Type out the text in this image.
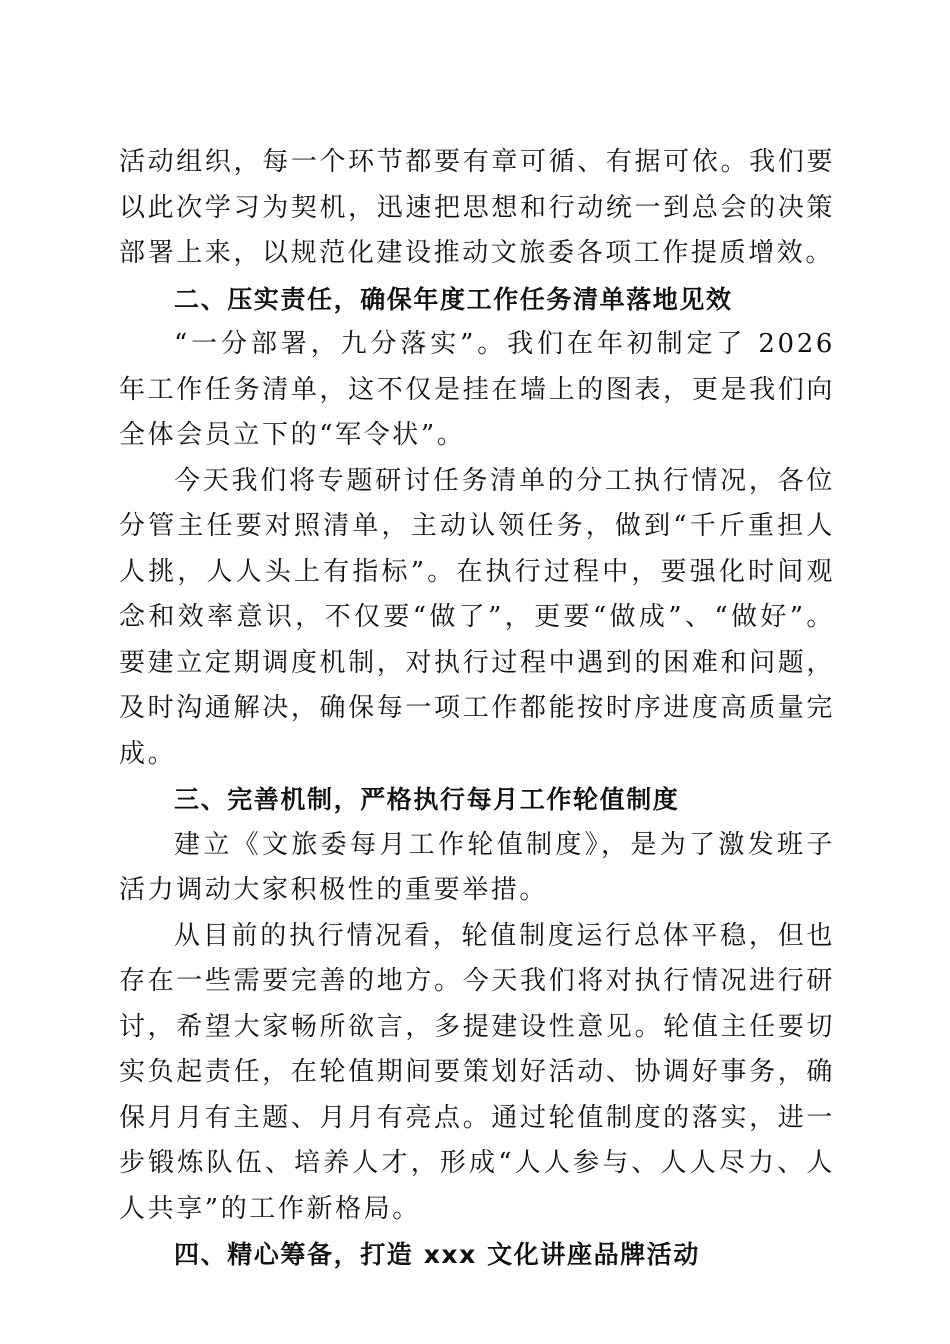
活动组织，每一个环节都要有章可循、有据可依。我们要以此次学习为契机，迅速把思想和行动统一到总会的决策部署上来，以规范化建设推动文旅委各项工作提质增效。

二、压实责任，确保年度工作任务清单落地见效

“一分部署，九分落实”。我们在年初制定了 2026 年工作任务清单，这不仅是挂在墙上的图表，更是我们向全体会员立下的“军令状”。

今天我们将专题研讨任务清单的分工执行情况，各位分管主任要对照清单，主动认领任务，做到“千斤重担人人挑，人人头上有指标”。在执行过程中，要强化时间观念和效率意识，不仅要“做了”，更要“做成”、“做好”。要建立定期调度机制，对执行过程中遇到的困难和问题，及时沟通解决，确保每一项工作都能按时序进度高质量完成。

三、完善机制，严格执行每月工作轮值制度

建立《文旅委每月工作轮值制度》，是为了激发班子活力调动大家积极性的重要举措。

从目前的执行情况看，轮值制度运行总体平稳，但也存在一些需要完善的地方。今天我们将对执行情况进行研讨，希望大家畅所欲言，多提建设性意见。轮值主任要切实负起责任，在轮值期间要策划好活动、协调好事务，确保月月有主题、月月有亮点。通过轮值制度的落实，进一步锻炼队伍、培养人才，形成“人人参与、人人尽力、人人共享”的工作新格局。

四、精心筹备，打造 xxx 文化讲座品牌活动
